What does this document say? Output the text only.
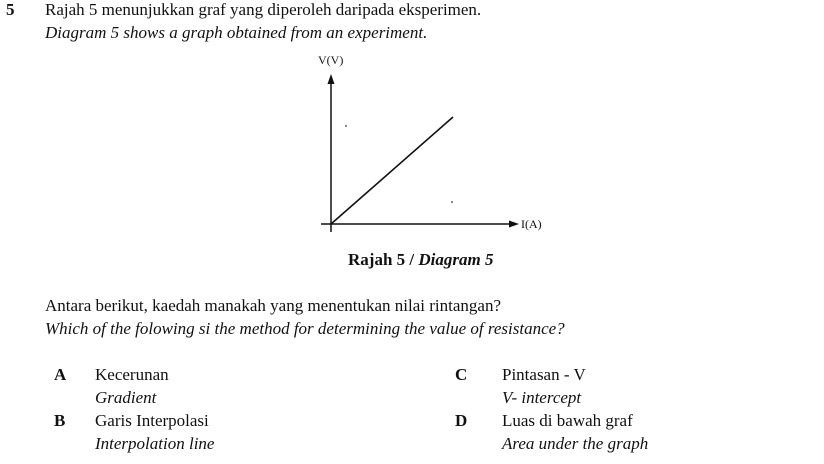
5 Rajah 5 menunjukkan graf yang diperoleh daripada eksperimen.
Diagram 5 shows a graph obtained from an experiment.
V(V)
I(A)
Rajah 5 / Diagram 5
Antara berikut, kaedah manakah yang menentukan nilai rintangan?
Which of the folowing si the method for determining the value of resistance?
A Kecerunan
Gradient
B Garis Interpolasi
Interpolation line
C Pintasan - V
V- intercept
D Luas di bawah graf
Area under the graph
